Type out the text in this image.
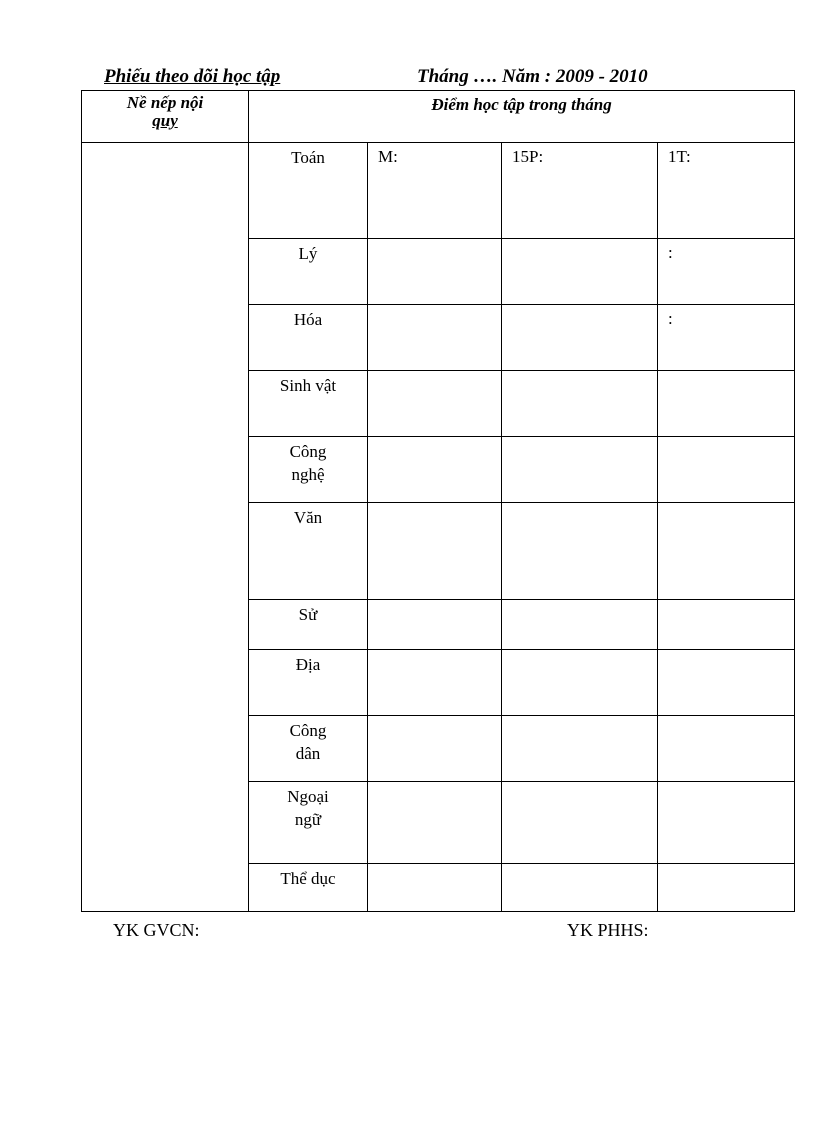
Phiếu theo dõi học tập	Tháng …. Năm : 2009 - 2010
Nề nếp nội
quy	Điểm học tập trong tháng			
	Toán	M:	15P:	1T:
	Lý			:
	Hóa			:
	Sinh vật

	Công
nghệ			
	Văn

	Sử

	Địa

	Công
dân			
	Ngoại
ngữ			
	Thể dục

YK GVCN:	YK PHHS:
